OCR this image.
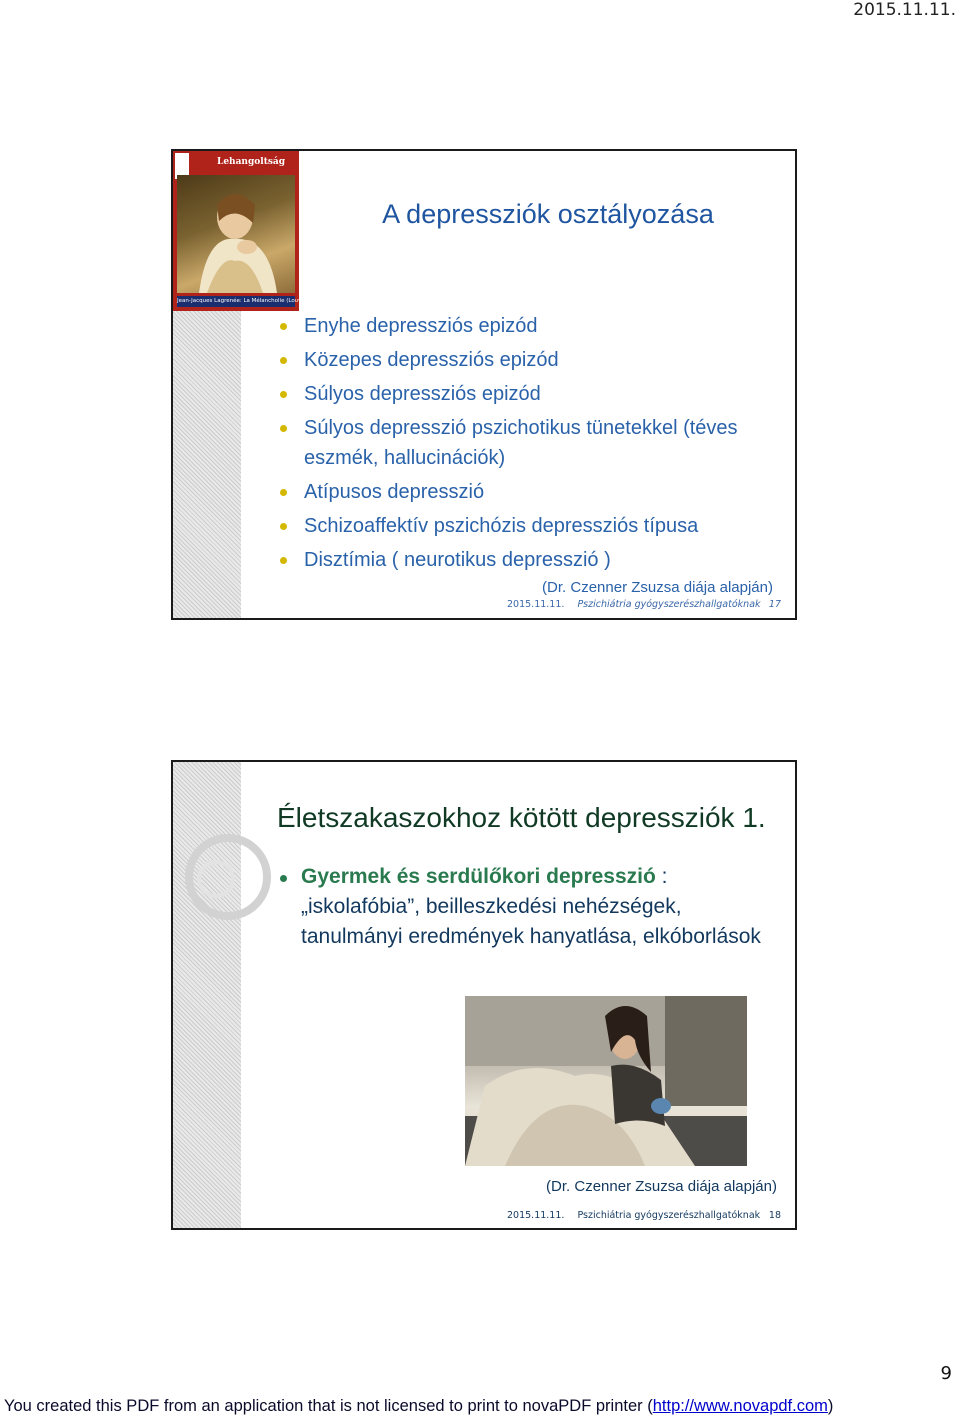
2015.11.11.
Lehangoltság
Jean-Jacques Lagrenée: La Mélancholie (Louvre, Párizs)
A depressziók osztályozása
Enyhe depressziós epizód
Közepes depressziós epizód
Súlyos depressziós epizód
Súlyos depresszió pszichotikus tünetekkel (téves eszmék, hallucinációk)
Atípusos depresszió
Schizoaffektív pszichózis depressziós típusa
Disztímia ( neurotikus depresszió )
(Dr. Czenner Zsuzsa diája alapján)
2015.11.11. Pszichiátria gyógyszerészhallgatóknak 17
Életszakaszokhoz kötött depressziók 1.
Gyermek és serdülőkori depresszió : „iskolafóbia”, beilleszkedési nehézségek, tanulmányi eredmények hanyatlása, elkóborlások
(Dr. Czenner Zsuzsa diája alapján)
2015.11.11. Pszichiátria gyógyszerészhallgatóknak 18
9
You created this PDF from an application that is not licensed to print to novaPDF printer (http://www.novapdf.com)
